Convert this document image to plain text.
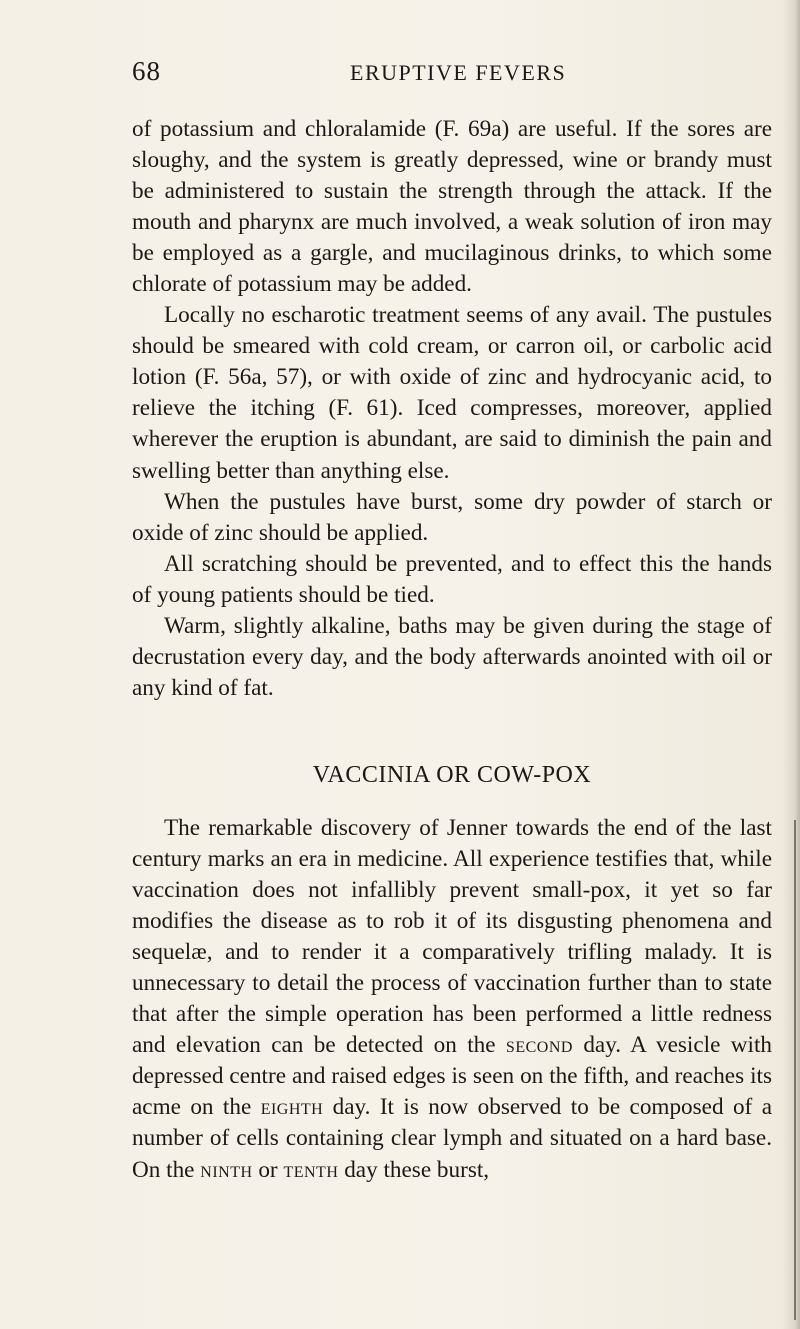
68	ERUPTIVE FEVERS

of potassium and chloralamide (F. 69a) are useful. If the sores are sloughy, and the system is greatly depressed, wine or brandy must be administered to sustain the strength through the attack. If the mouth and pharynx are much involved, a weak solution of iron may be employed as a gargle, and mucilaginous drinks, to which some chlorate of potassium may be added.

Locally no escharotic treatment seems of any avail. The pustules should be smeared with cold cream, or carron oil, or carbolic acid lotion (F. 56a, 57), or with oxide of zinc and hydrocyanic acid, to relieve the itching (F. 61). Iced compresses, moreover, applied wherever the eruption is abundant, are said to diminish the pain and swelling better than anything else.

When the pustules have burst, some dry powder of starch or oxide of zinc should be applied.

All scratching should be prevented, and to effect this the hands of young patients should be tied.

Warm, slightly alkaline, baths may be given during the stage of decrustation every day, and the body afterwards anointed with oil or any kind of fat.

VACCINIA OR COW-POX

The remarkable discovery of Jenner towards the end of the last century marks an era in medicine. All experience testifies that, while vaccination does not infallibly prevent small-pox, it yet so far modifies the disease as to rob it of its disgusting phenomena and sequelæ, and to render it a comparatively trifling malady. It is unnecessary to detail the process of vaccination further than to state that after the simple operation has been performed a little redness and elevation can be detected on the second day. A vesicle with depressed centre and raised edges is seen on the fifth, and reaches its acme on the eighth day. It is now observed to be composed of a number of cells containing clear lymph and situated on a hard base. On the ninth or tenth day these burst,
